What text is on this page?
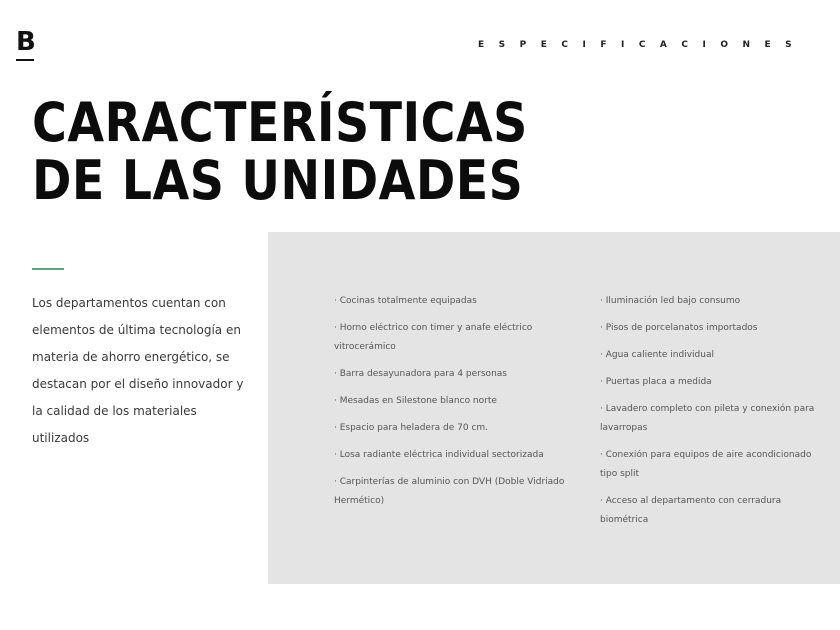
B	ESPECIFICACIONES
CARACTERÍSTICAS
DE LAS UNIDADES

Los departamentos cuentan con elementos de última tecnología en materia de ahorro energético, se destacan por el diseño innovador y la calidad de los materiales utilizados

· Cocinas totalmente equipadas
· Horno eléctrico con timer y anafe eléctrico vitrocerámico
· Barra desayunadora para 4 personas
· Mesadas en Silestone blanco norte
· Espacio para heladera de 70 cm.
· Losa radiante eléctrica individual sectorizada
· Carpinterías de aluminio con DVH (Doble Vidriado Hermético)
· Iluminación led bajo consumo
· Pisos de porcelanatos importados
· Agua caliente individual
· Puertas placa a medida
· Lavadero completo con pileta y conexión para lavarropas
· Conexión para equipos de aire acondicionado tipo split
· Acceso al departamento con cerradura biométrica
